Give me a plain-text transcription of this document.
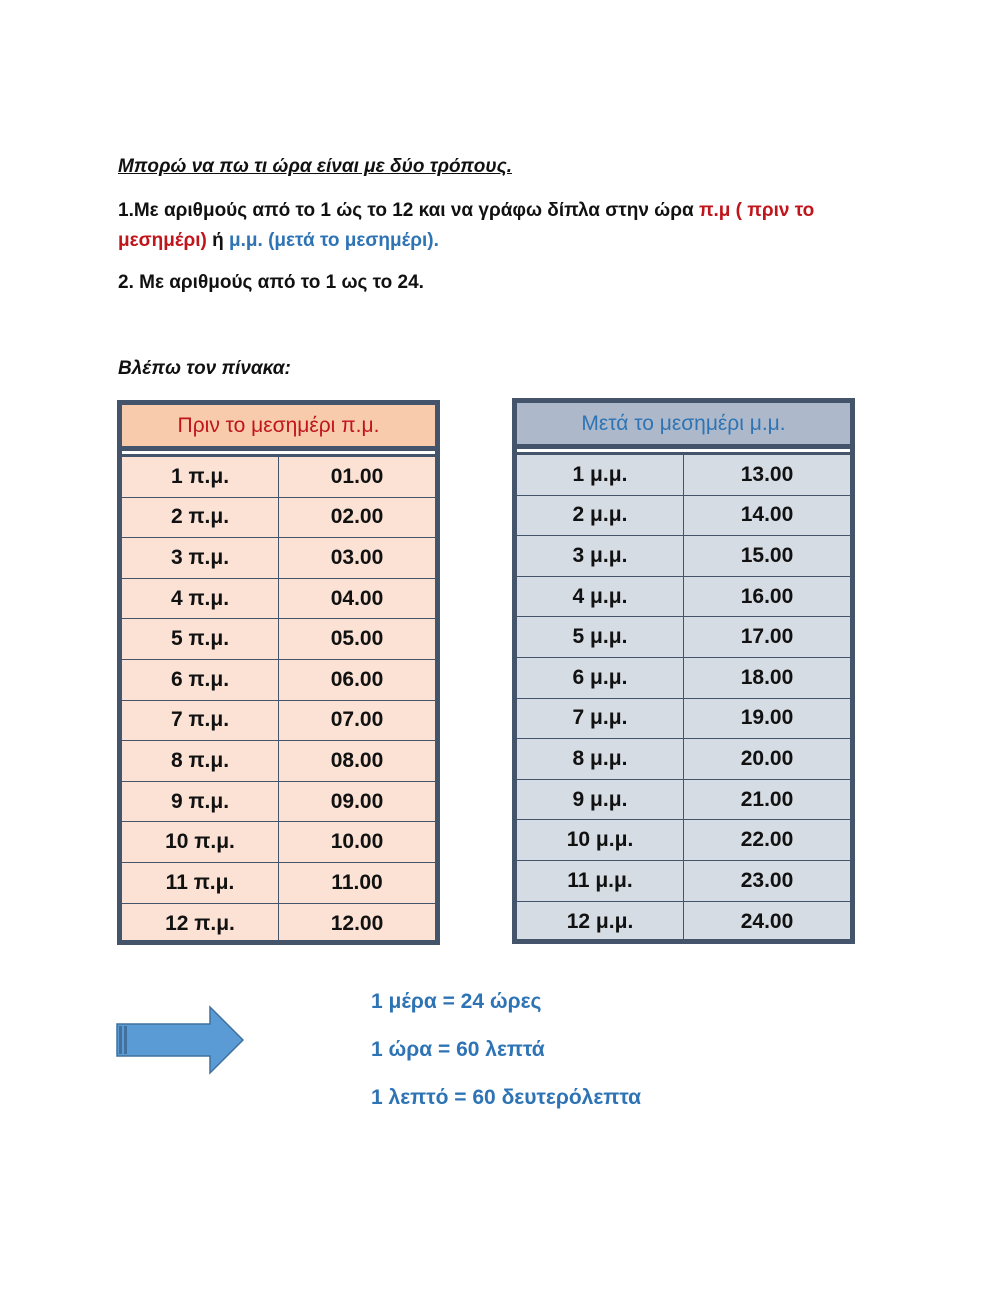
Μπορώ να πω τι ώρα είναι με δύο τρόπους.
1.Με αριθμούς από το 1 ώς το 12 και να γράφω δίπλα στην ώρα π.μ ( πριν το μεσημέρι) ή μ.μ. (μετά το μεσημέρι).
2. Με αριθμούς από το 1 ως το 24.
Βλέπω τον πίνακα:
Πριν το μεσημέρι π.μ.
1 π.μ.	01.00
2 π.μ.	02.00
3 π.μ.	03.00
4 π.μ.	04.00
5 π.μ.	05.00
6 π.μ.	06.00
7 π.μ.	07.00
8 π.μ.	08.00
9 π.μ.	09.00
10 π.μ.	10.00
11 π.μ.	11.00
12 π.μ.	12.00
Μετά το μεσημέρι μ.μ.
1 μ.μ.	13.00
2 μ.μ.	14.00
3 μ.μ.	15.00
4 μ.μ.	16.00
5 μ.μ.	17.00
6 μ.μ.	18.00
7 μ.μ.	19.00
8 μ.μ.	20.00
9 μ.μ.	21.00
10 μ.μ.	22.00
11 μ.μ.	23.00
12 μ.μ.	24.00
1 μέρα = 24 ώρες
1 ώρα = 60 λεπτά
1 λεπτό = 60 δευτερόλεπτα
